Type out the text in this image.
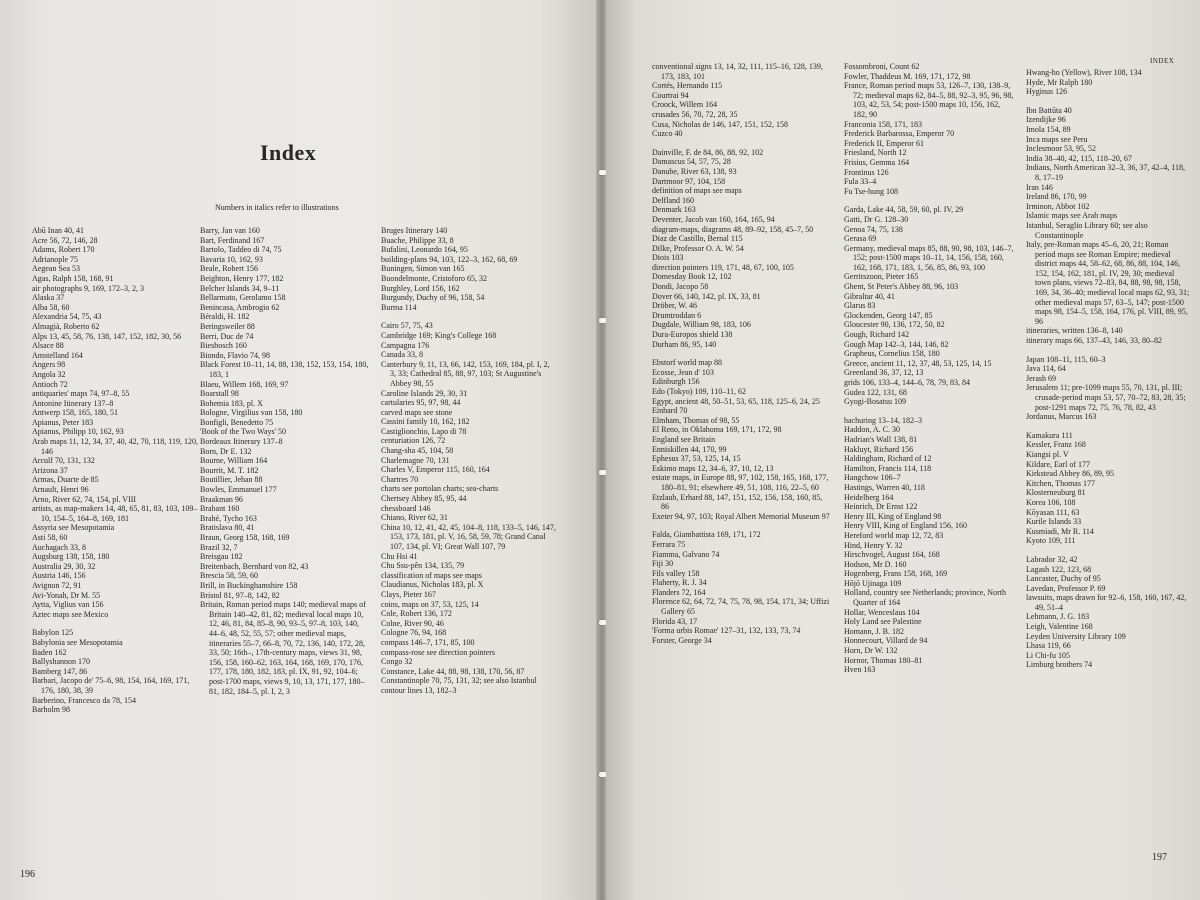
Index
Numbers in italics refer to illustrations
Abū Inan 40, 41
Acre 56, 72, 146, 28
Adams, Robert 170
Adrianople 75
Aegean Sea 53
Agas, Ralph 158, 168, 91
air photographs 9, 169, 172–3, 2, 3
Alaska 37
Alba 58, 60
Alexandria 54, 75, 43
Almagià, Roberto 62
Alps 13, 45, 58, 76, 138, 147, 152, 182, 30, 56
Alsace 88
Amstelland 164
Angers 98
Angola 32
Antioch 72
antiquaries' maps 74, 97–8, 55
Antonine Itinerary 137–8
Antwerp 158, 165, 180, 51
Apianus, Peter 183
Apianus, Philipp 10, 162, 93
Arab maps 11, 12, 34, 37, 40, 42, 70, 118, 119, 120, 146
Arculf 70, 131, 132
Arizona 37
Armas, Duarte de 85
Arnault, Henri 96
Arno, River 62, 74, 154, pl. VIII
artists, as map-makers 14, 48, 65, 81, 83, 103, 109–10, 154–5, 164–8, 169, 181
Assyria see Mesopotamia
Asti 58, 60
Auchagach 33, 8
Augsburg 138, 158, 180
Australia 29, 30, 32
Austria 146, 156
Avignon 72, 91
Avi-Yonah, Dr M. 55
Aytta, Viglius van 156
Aztec maps see Mexico
Babylon 125
Babylonia see Mesopotamia
Baden 162
Ballyshannon 170
Bamberg 147, 86
Barbari, Jacopo de' 75–6, 98, 154, 164, 169, 171, 176, 180, 38, 39
Barberino, Francesco da 78, 154
Barholm 98
Barry, Jan van 160
Bart, Ferdinand 167
Bartolo, Taddeo di 74, 75
Bavaria 10, 162, 93
Beale, Robert 156
Beighton, Henry 177, 182
Belcher Islands 34, 9–11
Bellarmato, Gerolamo 158
Benincasa, Ambrogio 62
Béraldi, H. 182
Beringsweiler 88
Berri, Duc de 74
Biesbosch 160
Biondo, Flavio 74, 98
Black Forest 10–11, 14, 88, 138, 152, 153, 154, 180, 183, 1
Blaeu, Willem 168, 169, 97
Boarstall 98
Bohemia 183, pl. X
Bologne, Virgilius van 158, 180
Bonfigli, Benedetto 75
'Book of the Two Ways' 50
Bordeaux Itinerary 137–8
Born, Dr E. 132
Bourne, William 164
Bourrit, M. T. 182
Boutillier, Jehan 88
Bowles, Emmanuel 177
Braakman 96
Brabant 160
Brahé, Tycho 163
Bratislava 80, 41
Braun, Georg 158, 168, 169
Brazil 32, 7
Breisgau 182
Breitenbach, Bernhard von 82, 43
Brescia 58, 59, 60
Brill, in Buckinghamshire 158
Bristol 81, 97–8, 142, 82
Britain, Roman period maps 140; medieval maps of Britain 140–42, 81, 82; medieval local maps 10, 12, 46, 81, 84, 85–8, 90, 93–5, 97–8, 103, 140, 44–6, 48, 52, 55, 57; other medieval maps, itineraries 55–7, 66–8, 70, 72, 136, 140, 172, 28, 33, 50; 16th–, 17th-century maps, views 31, 98, 156, 158, 160–62, 163, 164, 168, 169, 170, 176, 177, 178, 180, 182, 183, pl. IX, 91, 92, 104–6; post-1700 maps, views 9, 10, 13, 171, 177, 180–81, 182, 184–5, pl. I, 2, 3
Bruges Itinerary 140
Buache, Philippe 33, 8
Bufalini, Leonardo 164, 95
building-plans 94, 103, 122–3, 162, 68, 69
Buningen, Simon van 165
Buondelmonte, Cristoforo 65, 32
Burghley, Lord 156, 162
Burgundy, Duchy of 96, 158, 54
Burma 114
Cairo 57, 75, 43
Cambridge 169; King's College 168
Campagna 176
Canada 33, 8
Canterbury 9, 11, 13, 66, 142, 153, 169, 184, pl. I, 2, 3, 33; Cathedral 85, 88, 97, 103; St Augustine's Abbey 98, 55
Caroline Islands 29, 30, 31
cartularies 95, 97, 98, 44
carved maps see stone
Cassini family 10, 162, 182
Castiglionchio, Lapo di 78
centuriation 126, 72
Chang-sha 45, 104, 58
Charlemagne 70, 131
Charles V, Emperor 115, 160, 164
Chartres 70
charts see portolan charts; sea-charts
Chertsey Abbey 85, 95, 44
chessboard 146
Chiano, River 62, 31
China 10, 12, 41, 42, 45, 104–8, 118, 133–5, 146, 147, 153, 173, 181, pl. V, 16, 58, 59, 78; Grand Canal 107, 134, pl. VI; Great Wall 107, 79
Chu Hsi 41
Chu Ssu-pên 134, 135, 79
classification of maps see maps
Claudianus, Nicholas 183, pl. X
Clays, Pieter 167
coins, maps on 37, 53, 125, 14
Cole, Robert 136, 172
Colne, River 90, 46
Cologne 76, 94, 168
compass 146–7, 171, 85, 100
compass-rose see direction pointers
Congo 32
Constance, Lake 44, 88, 98, 138, 170, 56, 87
Constantinople 70, 75, 131, 32; see also Istanbul
contour lines 13, 182–3
196
INDEX
conventional signs 13, 14, 32, 111, 115–16, 128, 139, 173, 183, 101
Cortés, Hernando 115
Courtrai 94
Croock, Willem 164
crusades 56, 70, 72, 28, 35
Cusa, Nicholas de 146, 147, 151, 152, 158
Cuzco 40
Dainville, F. de 84, 86, 88, 92, 102
Damascus 54, 57, 75, 28
Danube, River 63, 138, 93
Dartmoor 97, 104, 158
definition of maps see maps
Delfland 160
Denmark 163
Deventer, Jacob van 160, 164, 165, 94
diagram-maps, diagrams 48, 89–92, 158, 45–7, 50
Diaz de Castillo, Bernal 115
Dilke, Professor O. A. W. 54
Diois 103
direction pointers 119, 171, 48, 67, 100, 105
Domesday Book 12, 102
Dondi, Jacopo 58
Dover 66, 140, 142, pl. IX, 33, 81
Dröber, W. 46
Drumtroddan 6
Dugdale, William 98, 183, 106
Dura-Europos shield 138
Durham 86, 95, 140
Ebstorf world map 88
Ecosse, Jean d' 103
Edinburgh 156
Edo (Tokyo) 109, 110–11, 62
Egypt, ancient 48, 50–51, 53, 65, 118, 125–6, 24, 25
Einhard 70
Elmham, Thomas of 98, 55
El Reno, in Oklahoma 169, 171, 172, 98
England see Britain
Enniskillen 44, 170, 99
Ephesus 37, 53, 125, 14, 15
Eskimo maps 12, 34–6, 37, 10, 12, 13
estate maps, in Europe 88, 97, 102, 158, 165, 168, 177, 180–81, 91; elsewhere 49, 51, 108, 116, 22–5, 60
Etzlaub, Erhard 88, 147, 151, 152, 156, 158, 160, 85, 86
Exeter 94, 97, 103; Royal Albert Memorial Museum 97
Falda, Giambattista 169, 171, 172
Ferrara 75
Fiamma, Galvano 74
Fiji 30
Fils valley 158
Flaherty, R. J. 34
Flanders 72, 164
Florence 62, 64, 72, 74, 75, 78, 98, 154, 171, 34; Uffizi Gallery 65
Florida 43, 17
'Forma urbis Romae' 127–31, 132, 133, 73, 74
Forster, George 34
Fossombroni, Count 62
Fowler, Thaddeus M. 169, 171, 172, 98
France, Roman period maps 53, 126–7, 130, 138–9, 72; medieval maps 62, 84–5, 88, 92–3, 95, 96, 98, 103, 42, 53, 54; post-1500 maps 10, 156, 162, 182, 90
Franconia 158, 171, 183
Frederick Barbarossa, Emperor 70
Frederick II, Emperor 61
Friesland, North 12
Frisius, Gemma 164
Frontinus 126
Fula 33–4
Fu Tse-hung 108
Garda, Lake 44, 58, 59, 60, pl. IV, 29
Gatti, Dr G. 128–30
Genoa 74, 75, 138
Gerasa 69
Germany, medieval maps 85, 88, 90, 98, 103, 146–7, 152; post-1500 maps 10–11, 14, 156, 158, 160, 162, 168, 171, 183, 1, 56, 85, 86, 93, 100
Gerritszoon, Pieter 165
Ghent, St Peter's Abbey 88, 96, 103
Gibraltar 40, 41
Glarus 83
Glockenden, Georg 147, 85
Gloucester 90, 136, 172, 50, 82
Gough, Richard 142
Gough Map 142–3, 144, 146, 82
Grapheus, Cornelius 158, 180
Greece, ancient 11, 12, 37, 48, 53, 125, 14, 15
Greenland 36, 37, 12, 13
grids 106, 133–4, 144–6, 78, 79, 83, 84
Gudea 122, 131, 68
Gyogi-Bosatsu 109
hachuring 13–14, 182–3
Haddon, A. C. 30
Hadrian's Wall 138, 81
Hakluyt, Richard 156
Haldingham, Richard of 12
Hamilton, Francis 114, 118
Hangchow 106–7
Hastings, Warren 40, 118
Heidelberg 164
Heinrich, Dr Ernst 122
Henry III, King of England 98
Henry VIII, King of England 156, 160
Hereford world map 12, 72, 83
Hind, Henry Y. 32
Hirschvogel, August 164, 168
Hodson, Mr D. 160
Hogenberg, Frans 158, 168, 169
Hōjō Ujinaga 109
Holland, country see Netherlands; province, North Quarter of 164
Hollar, Wenceslaus 104
Holy Land see Palestine
Homann, J. B. 182
Honnecourt, Villard de 94
Horn, Dr W. 132
Hornor, Thomas 180–81
Hven 163
Hwang-ho (Yellow), River 108, 134
Hyde, Mr Ralph 180
Hyginus 126
Ibn Battūta 40
Izendijke 96
Imola 154, 89
Inca maps see Peru
Inclesmoor 53, 95, 52
India 38–40, 42, 115, 118–20, 67
Indians, North American 32–3, 36, 37, 42–4, 118, 8, 17–19
Iran 146
Ireland 86, 170, 99
Irminon, Abbot 102
Islamic maps see Arab maps
Istanbul, Seraglio Library 60; see also Constantinople
Italy, pre-Roman maps 45–6, 20, 21; Roman period maps see Roman Empire; medieval district maps 44, 58–62, 68, 86, 88, 104, 146, 152, 154, 162, 181, pl. IV, 29, 30; medieval town plans, views 72–83, 84, 88, 98, 98, 158, 169, 34, 36–40; medieval local maps 62, 93, 31; other medieval maps 57, 63–5, 147; post-1500 maps 98, 154–5, 158, 164, 176, pl. VIII, 89, 95, 96
itineraries, written 136–8, 140
itinerary maps 66, 137–43, 146, 33, 80–82
Japan 108–11, 115, 60–3
Java 114, 64
Jerash 69
Jerusalem 11; pre-1099 maps 55, 70, 131, pl. III; crusade-period maps 53, 57, 70–72, 83, 28, 35; post-1291 maps 72, 75, 76, 78, 82, 43
Jordanus, Marcus 163
Kamakura 111
Kessler, Franz 168
Kiangsi pl. V
Kildare, Earl of 177
Kirkstead Abbey 86, 89, 95
Kitchen, Thomas 177
Klosterneuburg 81
Korea 106, 108
Kōyasan 111, 63
Kurile Islands 33
Kusmiadi, Mr R. 114
Kyoto 109, 111
Labrador 32, 42
Lagash 122, 123, 68
Lancaster, Duchy of 95
Lavedan, Professor P. 69
lawsuits, maps drawn for 92–6, 158, 160, 167, 42, 49, 51–4
Lehmann, J. G. 183
Leigh, Valentine 168
Leyden University Library 109
Lhasa 119, 66
Li Chi-fu 105
Limburg brothers 74
197
